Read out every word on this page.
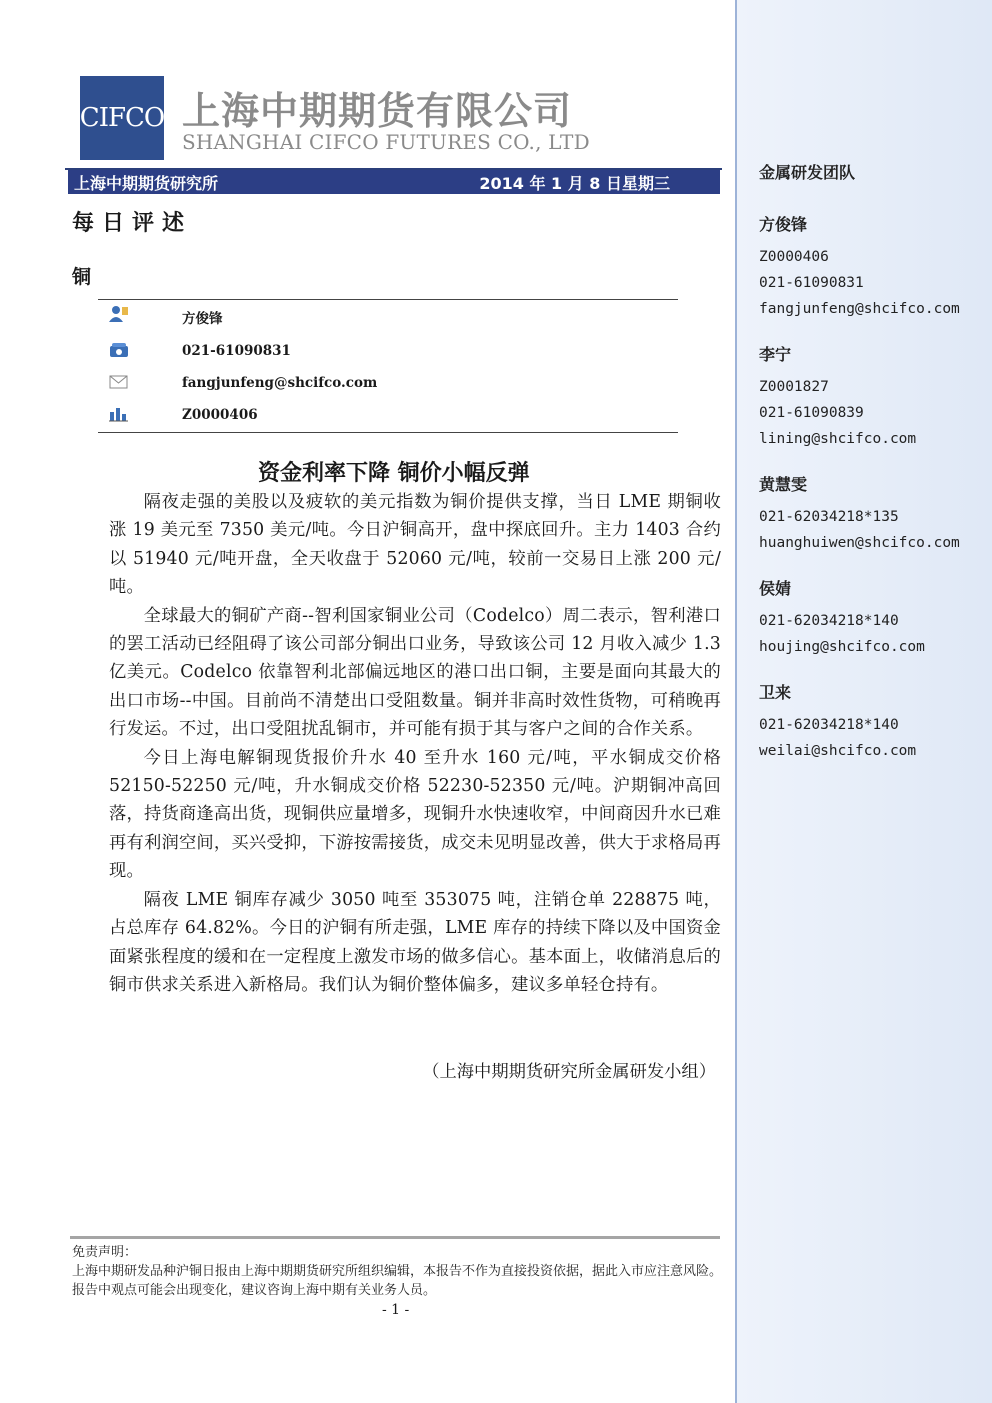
CIFCO 上海中期期货有限公司
SHANGHAI CIFCO FUTURES CO., LTD
上海中期期货研究所	2014 年 1 月 8 日星期三
每日评述
铜
方俊锋
021-61090831
fangjunfeng@shcifco.com
Z0000406
资金利率下降 铜价小幅反弹

隔夜走强的美股以及疲软的美元指数为铜价提供支撑，当日 LME 期铜收涨 19 美元至 7350 美元/吨。今日沪铜高开，盘中探底回升。主力 1403 合约以 51940 元/吨开盘，全天收盘于 52060 元/吨，较前一交易日上涨 200 元/吨。

全球最大的铜矿产商--智利国家铜业公司（Codelco）周二表示，智利港口的罢工活动已经阻碍了该公司部分铜出口业务，导致该公司 12 月收入减少 1.3 亿美元。Codelco 依靠智利北部偏远地区的港口出口铜，主要是面向其最大的出口市场--中国。目前尚不清楚出口受阻数量。铜并非高时效性货物，可稍晚再行发运。不过，出口受阻扰乱铜市，并可能有损于其与客户之间的合作关系。

今日上海电解铜现货报价升水 40 至升水 160 元/吨，平水铜成交价格 52150-52250 元/吨，升水铜成交价格 52230-52350 元/吨。沪期铜冲高回落，持货商逢高出货，现铜供应量增多，现铜升水快速收窄，中间商因升水已难再有利润空间，买兴受抑，下游按需接货，成交未见明显改善，供大于求格局再现。

隔夜 LME 铜库存减少 3050 吨至 353075 吨，注销仓单 228875 吨，占总库存 64.82%。今日的沪铜有所走强，LME 库存的持续下降以及中国资金面紧张程度的缓和在一定程度上激发市场的做多信心。基本面上，收储消息后的铜市供求关系进入新格局。我们认为铜价整体偏多，建议多单轻仓持有。

（上海中期期货研究所金属研发小组）
免责声明：
上海中期研发品种沪铜日报由上海中期期货研究所组织编辑，本报告不作为直接投资依据，据此入市应注意风险。报告中观点可能会出现变化，建议咨询上海中期有关业务人员。
- 1 -
金属研发团队
方俊锋
Z0000406
021-61090831
fangjunfeng@shcifco.com
李宁
Z0001827
021-61090839
lining@shcifco.com
黄慧雯
021-62034218*135
huanghuiwen@shcifco.com
侯婧
021-62034218*140
houjing@shcifco.com
卫来
021-62034218*140
weilai@shcifco.com
